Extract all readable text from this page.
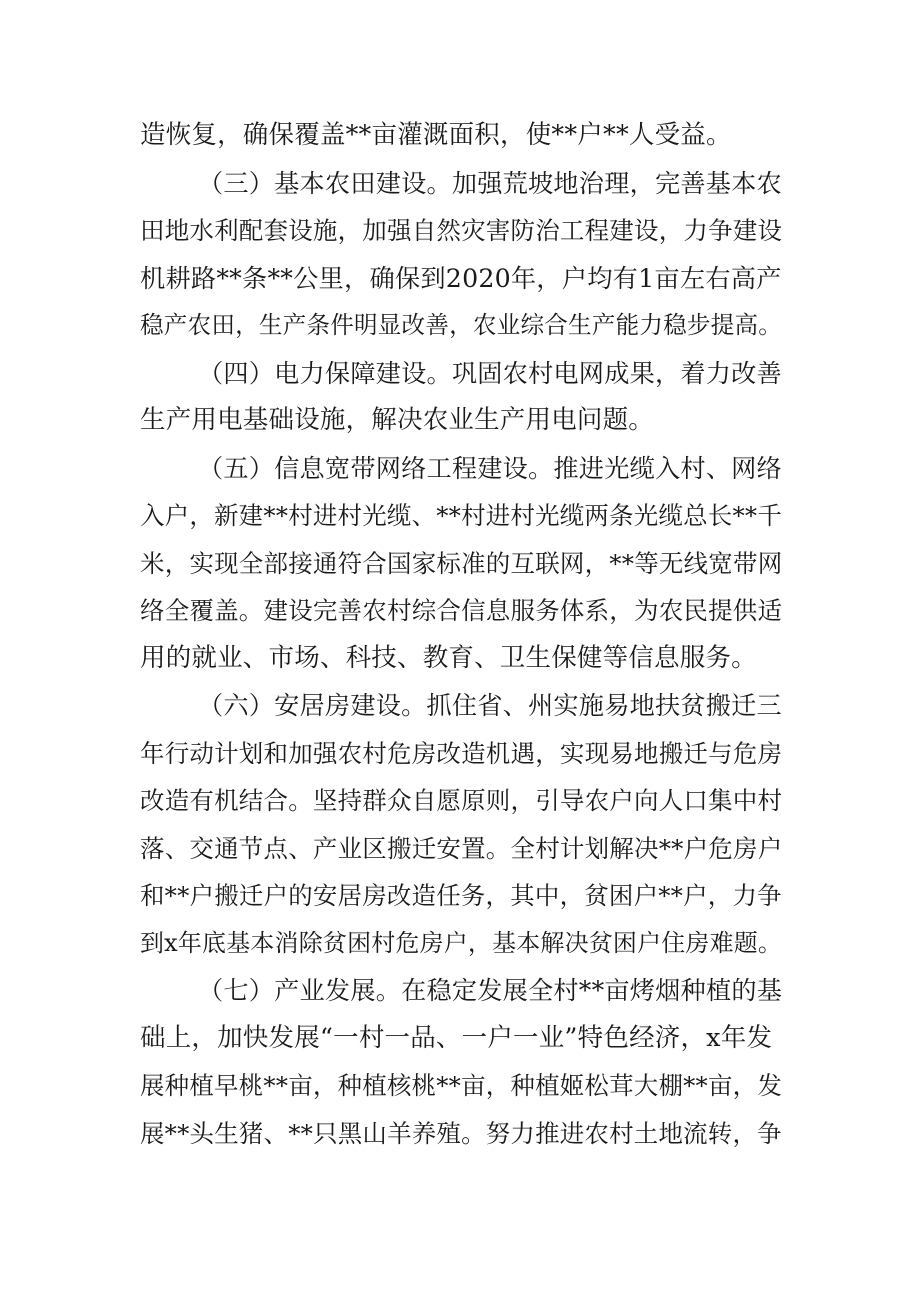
造恢复，确保覆盖**亩灌溉面积，使**户**人受益。
（三）基本农田建设。加强荒坡地治理，完善基本农
田地水利配套设施，加强自然灾害防治工程建设，力争建设
机耕路**条**公里，确保到2020年，户均有1亩左右高产
稳产农田，生产条件明显改善，农业综合生产能力稳步提高。
（四）电力保障建设。巩固农村电网成果，着力改善
生产用电基础设施，解决农业生产用电问题。
（五）信息宽带网络工程建设。推进光缆入村、网络
入户，新建**村进村光缆、**村进村光缆两条光缆总长**千
米，实现全部接通符合国家标准的互联网，**等无线宽带网
络全覆盖。建设完善农村综合信息服务体系，为农民提供适
用的就业、市场、科技、教育、卫生保健等信息服务。
（六）安居房建设。抓住省、州实施易地扶贫搬迁三
年行动计划和加强农村危房改造机遇，实现易地搬迁与危房
改造有机结合。坚持群众自愿原则，引导农户向人口集中村
落、交通节点、产业区搬迁安置。全村计划解决**户危房户
和**户搬迁户的安居房改造任务，其中，贫困户**户，力争
到x年底基本消除贫困村危房户，基本解决贫困户住房难题。
（七）产业发展。在稳定发展全村**亩烤烟种植的基
础上，加快发展“一村一品、一户一业”特色经济，x年发
展种植早桃**亩，种植核桃**亩，种植姬松茸大棚**亩，发
展**头生猪、**只黑山羊养殖。努力推进农村土地流转，争
